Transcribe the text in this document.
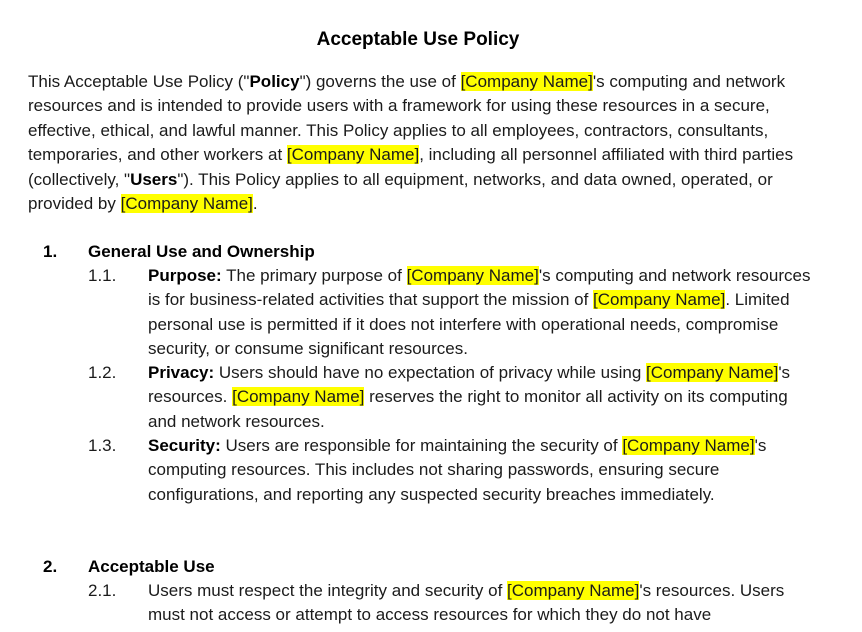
Acceptable Use Policy

This Acceptable Use Policy ("Policy") governs the use of [Company Name]'s computing and network resources and is intended to provide users with a framework for using these resources in a secure, effective, ethical, and lawful manner. This Policy applies to all employees, contractors, consultants, temporaries, and other workers at [Company Name], including all personnel affiliated with third parties (collectively, "Users"). This Policy applies to all equipment, networks, and data owned, operated, or provided by [Company Name].

1. General Use and Ownership
1.1. Purpose: The primary purpose of [Company Name]'s computing and network resources is for business-related activities that support the mission of [Company Name]. Limited personal use is permitted if it does not interfere with operational needs, compromise security, or consume significant resources.

1.2. Privacy: Users should have no expectation of privacy while using [Company Name]'s resources. [Company Name] reserves the right to monitor all activity on its computing and network resources.

1.3. Security: Users are responsible for maintaining the security of [Company Name]'s computing resources. This includes not sharing passwords, ensuring secure configurations, and reporting any suspected security breaches immediately.

2. Acceptable Use
2.1. Users must respect the integrity and security of [Company Name]'s resources. Users must not access or attempt to access resources for which they do not have
